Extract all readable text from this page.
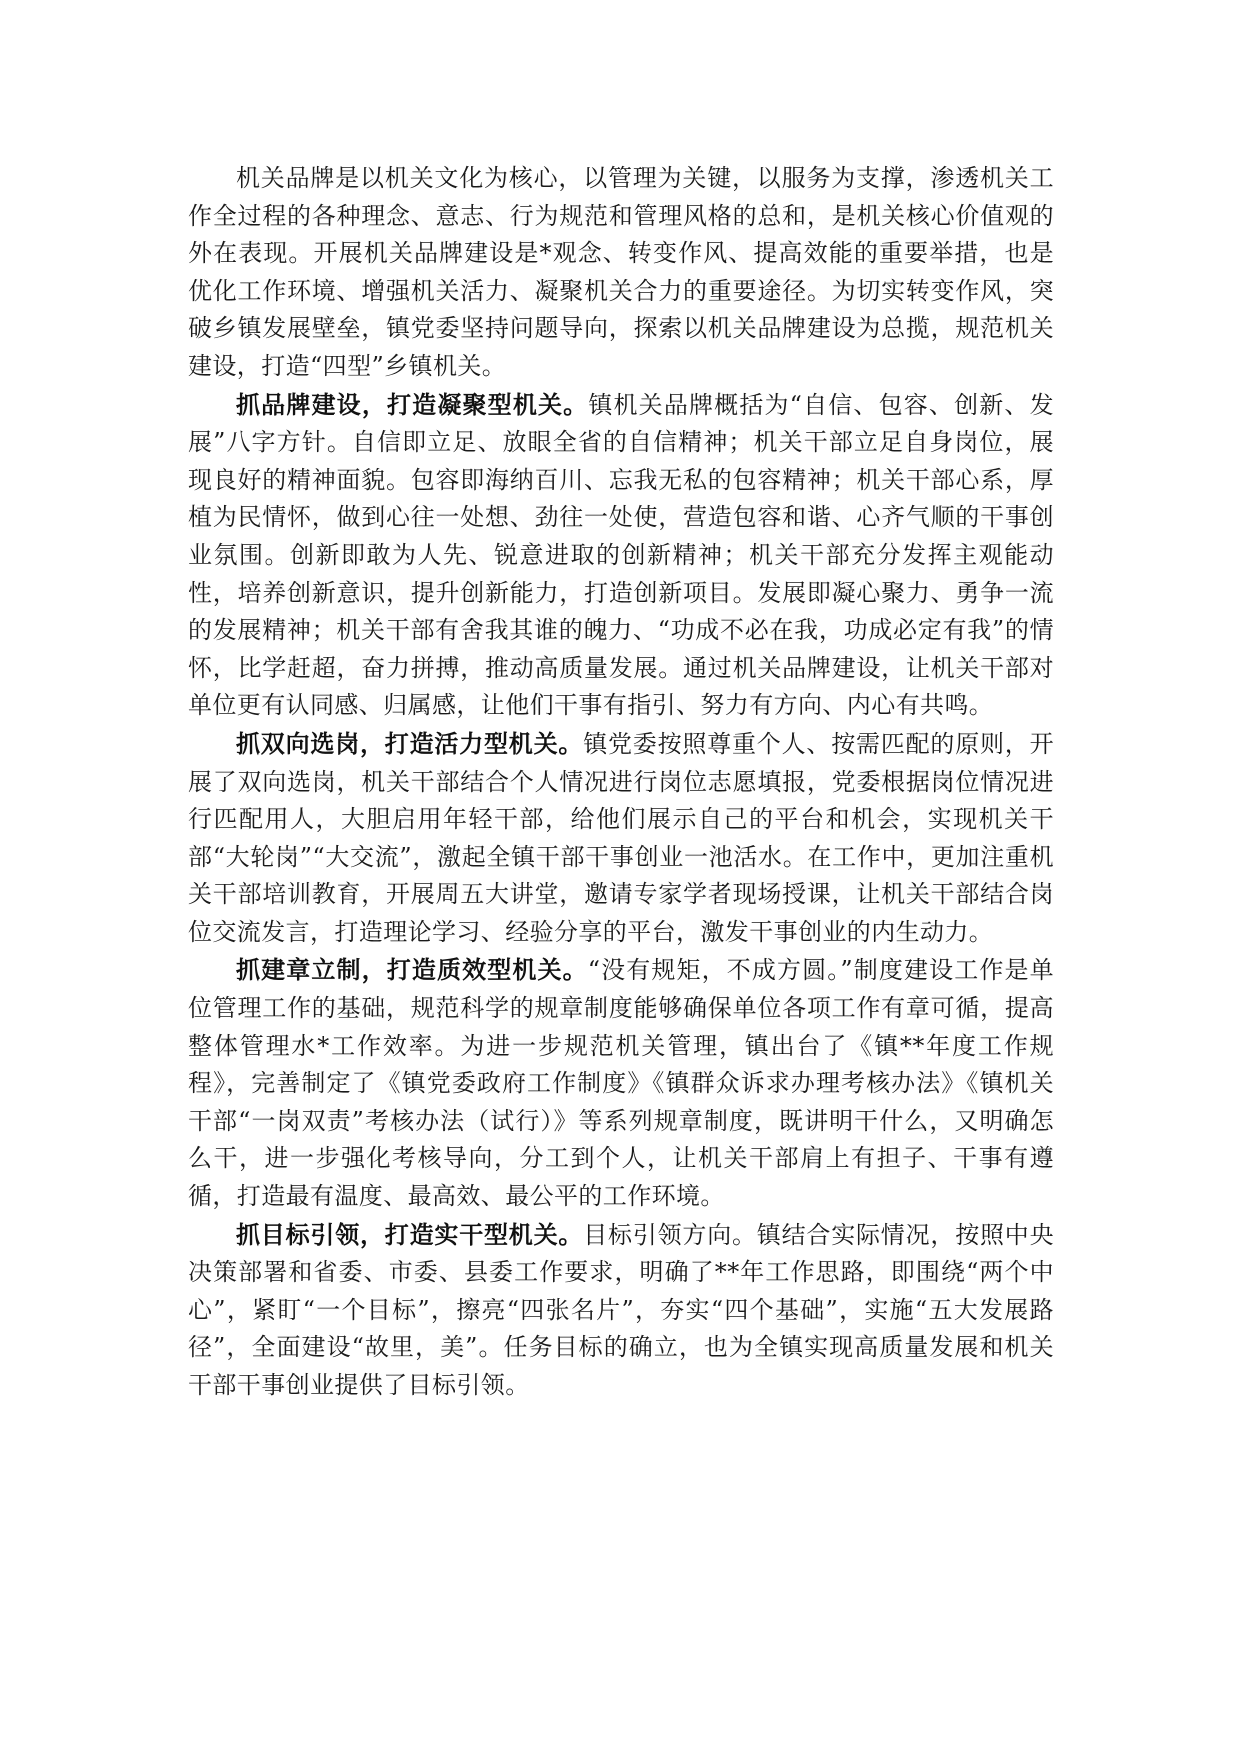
机关品牌是以机关文化为核心，以管理为关键，以服务为支撑，渗透机关工作全过程的各种理念、意志、行为规范和管理风格的总和，是机关核心价值观的外在表现。开展机关品牌建设是*观念、转变作风、提高效能的重要举措，也是优化工作环境、增强机关活力、凝聚机关合力的重要途径。为切实转变作风，突破乡镇发展壁垒，镇党委坚持问题导向，探索以机关品牌建设为总揽，规范机关建设，打造“四型”乡镇机关。

抓品牌建设，打造凝聚型机关。镇机关品牌概括为“自信、包容、创新、发展”八字方针。自信即立足、放眼全省的自信精神；机关干部立足自身岗位，展现良好的精神面貌。包容即海纳百川、忘我无私的包容精神；机关干部心系，厚植为民情怀，做到心往一处想、劲往一处使，营造包容和谐、心齐气顺的干事创业氛围。创新即敢为人先、锐意进取的创新精神；机关干部充分发挥主观能动性，培养创新意识，提升创新能力，打造创新项目。发展即凝心聚力、勇争一流的发展精神；机关干部有舍我其谁的魄力、“功成不必在我，功成必定有我”的情怀，比学赶超，奋力拼搏，推动高质量发展。通过机关品牌建设，让机关干部对单位更有认同感、归属感，让他们干事有指引、努力有方向、内心有共鸣。

抓双向选岗，打造活力型机关。镇党委按照尊重个人、按需匹配的原则，开展了双向选岗，机关干部结合个人情况进行岗位志愿填报，党委根据岗位情况进行匹配用人，大胆启用年轻干部，给他们展示自己的平台和机会，实现机关干部“大轮岗”“大交流”，激起全镇干部干事创业一池活水。在工作中，更加注重机关干部培训教育，开展周五大讲堂，邀请专家学者现场授课，让机关干部结合岗位交流发言，打造理论学习、经验分享的平台，激发干事创业的内生动力。

抓建章立制，打造质效型机关。“没有规矩，不成方圆。”制度建设工作是单位管理工作的基础，规范科学的规章制度能够确保单位各项工作有章可循，提高整体管理水*工作效率。为进一步规范机关管理，镇出台了《镇**年度工作规程》，完善制定了《镇党委政府工作制度》《镇群众诉求办理考核办法》《镇机关干部“一岗双责”考核办法（试行）》等系列规章制度，既讲明干什么，又明确怎么干，进一步强化考核导向，分工到个人，让机关干部肩上有担子、干事有遵循，打造最有温度、最高效、最公平的工作环境。

抓目标引领，打造实干型机关。目标引领方向。镇结合实际情况，按照中央决策部署和省委、市委、县委工作要求，明确了**年工作思路，即围绕“两个中心”，紧盯“一个目标”，擦亮“四张名片”，夯实“四个基础”，实施“五大发展路径”，全面建设“故里，美”。任务目标的确立，也为全镇实现高质量发展和机关干部干事创业提供了目标引领。
